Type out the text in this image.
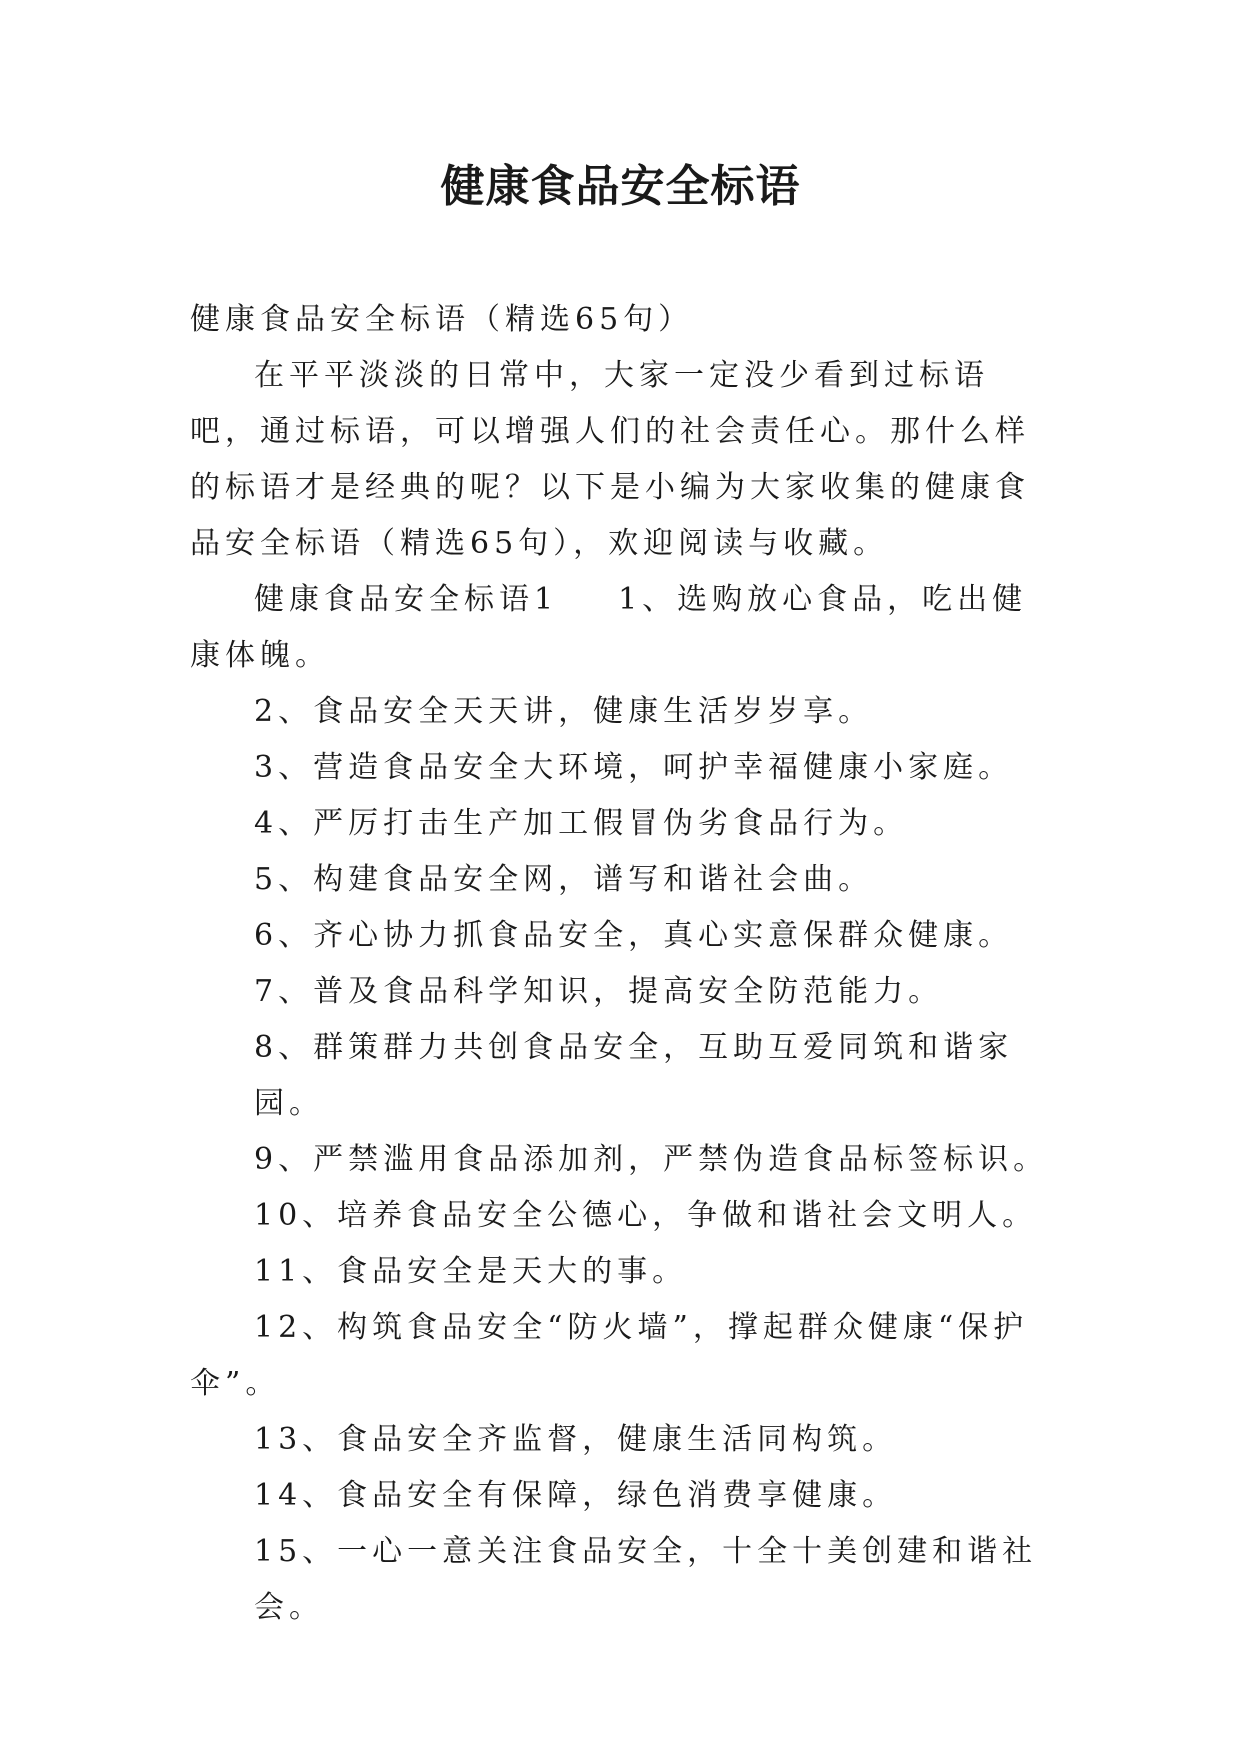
健康食品安全标语

健康食品安全标语（精选65句）

在平平淡淡的日常中，大家一定没少看到过标语吧，通过标语，可以增强人们的社会责任心。那什么样的标语才是经典的呢？以下是小编为大家收集的健康食品安全标语（精选65句），欢迎阅读与收藏。

健康食品安全标语1 1、选购放心食品，吃出健康体魄。

2、食品安全天天讲，健康生活岁岁享。

3、营造食品安全大环境，呵护幸福健康小家庭。

4、严厉打击生产加工假冒伪劣食品行为。

5、构建食品安全网，谱写和谐社会曲。

6、齐心协力抓食品安全，真心实意保群众健康。

7、普及食品科学知识，提高安全防范能力。

8、群策群力共创食品安全，互助互爱同筑和谐家园。

9、严禁滥用食品添加剂，严禁伪造食品标签标识。

10、培养食品安全公德心，争做和谐社会文明人。

11、食品安全是天大的事。

12、构筑食品安全“防火墙”，撑起群众健康“保护伞”。

13、食品安全齐监督，健康生活同构筑。

14、食品安全有保障，绿色消费享健康。

15、一心一意关注食品安全，十全十美创建和谐社会。
